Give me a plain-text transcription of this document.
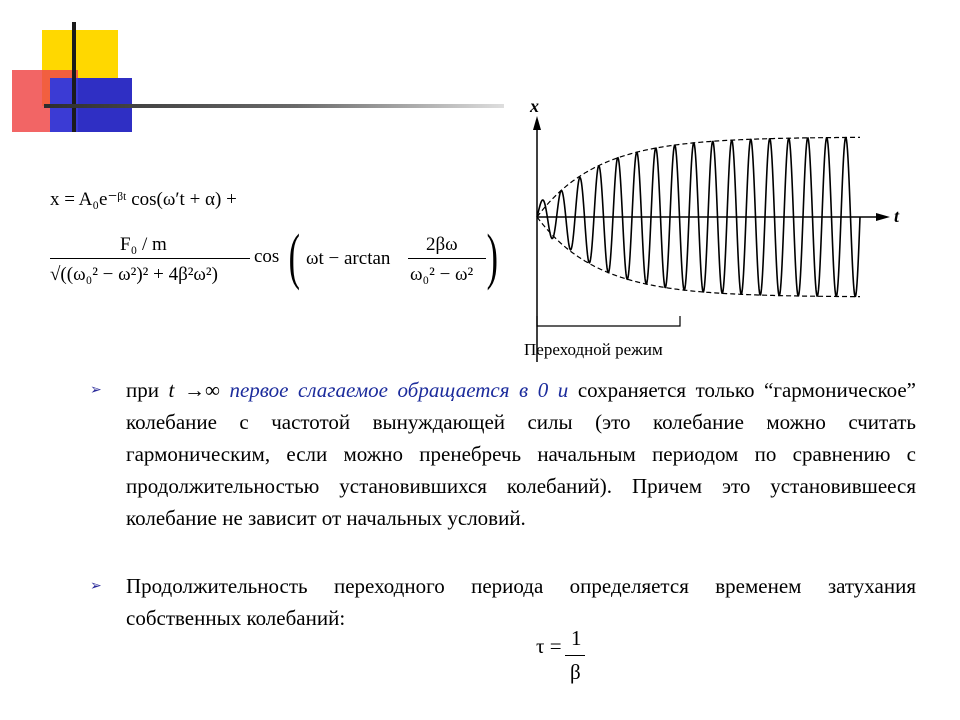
x = A₀e⁻ᵝᵗ cos(ω′t + α) +
F₀ / m
√((ω₀² − ω²)² + 4β²ω²)
cos ( ωt − arctan
2βω
ω₀² − ω² )
x
t
Переходной режим
➢ при t →∞ первое слагаемое обращается в 0 и сохраняется только “гармоническое” колебание с частотой вынуждающей силы (это колебание можно считать гармоническим, если можно пренебречь начальным периодом по сравнению с продолжительностью установившихся колебаний). Причем это установившееся колебание не зависит от начальных условий.
➢ Продолжительность переходного периода определяется временем затухания собственных колебаний:
τ = 1
β
